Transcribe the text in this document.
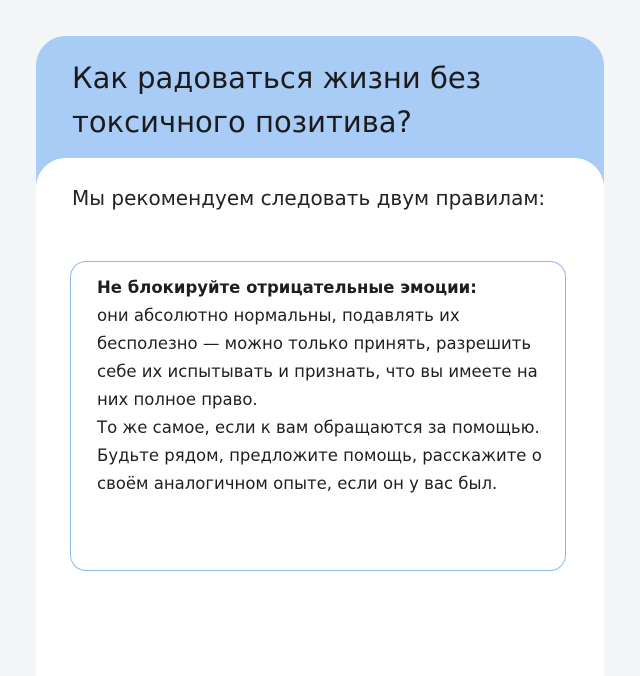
Как радоваться жизни без токсичного позитива?

Мы рекомендуем следовать двум правилам:

Не блокируйте отрицательные эмоции:
они абсолютно нормальны, подавлять их бесполезно — можно только принять, разрешить себе их испытывать и признать, что вы имеете на них полное право.
То же самое, если к вам обращаются за помощью. Будьте рядом, предложите помощь, расскажите о своём аналогичном опыте, если он у вас был.
